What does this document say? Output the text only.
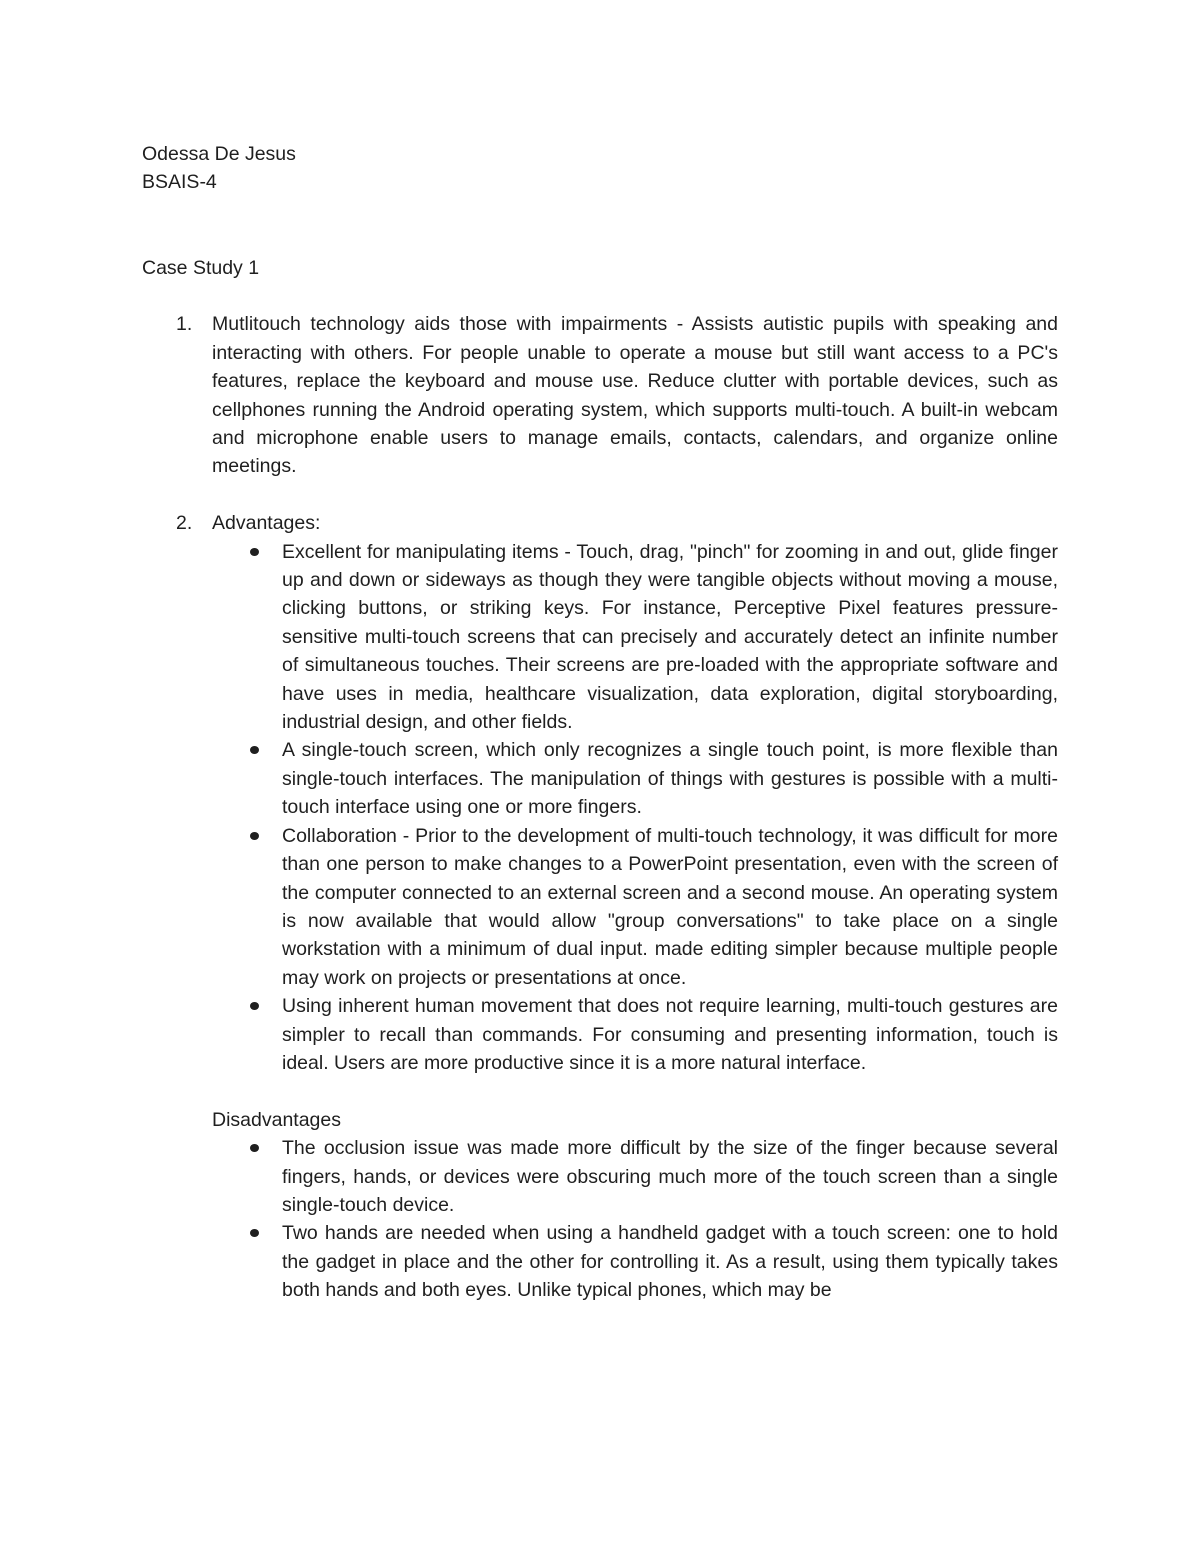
Odessa De Jesus

BSAIS-4

Case Study 1

1. Mutlitouch technology aids those with impairments - Assists autistic pupils with speaking and interacting with others. For people unable to operate a mouse but still want access to a PC's features, replace the keyboard and mouse use. Reduce clutter with portable devices, such as cellphones running the Android operating system, which supports multi-touch. A built-in webcam and microphone enable users to manage emails, contacts, calendars, and organize online meetings.

2. Advantages:

Excellent for manipulating items - Touch, drag, "pinch" for zooming in and out, glide finger up and down or sideways as though they were tangible objects without moving a mouse, clicking buttons, or striking keys. For instance, Perceptive Pixel features pressure-sensitive multi-touch screens that can precisely and accurately detect an infinite number of simultaneous touches. Their screens are pre-loaded with the appropriate software and have uses in media, healthcare visualization, data exploration, digital storyboarding, industrial design, and other fields.
A single-touch screen, which only recognizes a single touch point, is more flexible than single-touch interfaces. The manipulation of things with gestures is possible with a multi-touch interface using one or more fingers.
Collaboration - Prior to the development of multi-touch technology, it was difficult for more than one person to make changes to a PowerPoint presentation, even with the screen of the computer connected to an external screen and a second mouse. An operating system is now available that would allow "group conversations" to take place on a single workstation with a minimum of dual input. made editing simpler because multiple people may work on projects or presentations at once.
Using inherent human movement that does not require learning, multi-touch gestures are simpler to recall than commands. For consuming and presenting information, touch is ideal. Users are more productive since it is a more natural interface.

Disadvantages

The occlusion issue was made more difficult by the size of the finger because several fingers, hands, or devices were obscuring much more of the touch screen than a single single-touch device.
Two hands are needed when using a handheld gadget with a touch screen: one to hold the gadget in place and the other for controlling it. As a result, using them typically takes both hands and both eyes. Unlike typical phones, which may be
